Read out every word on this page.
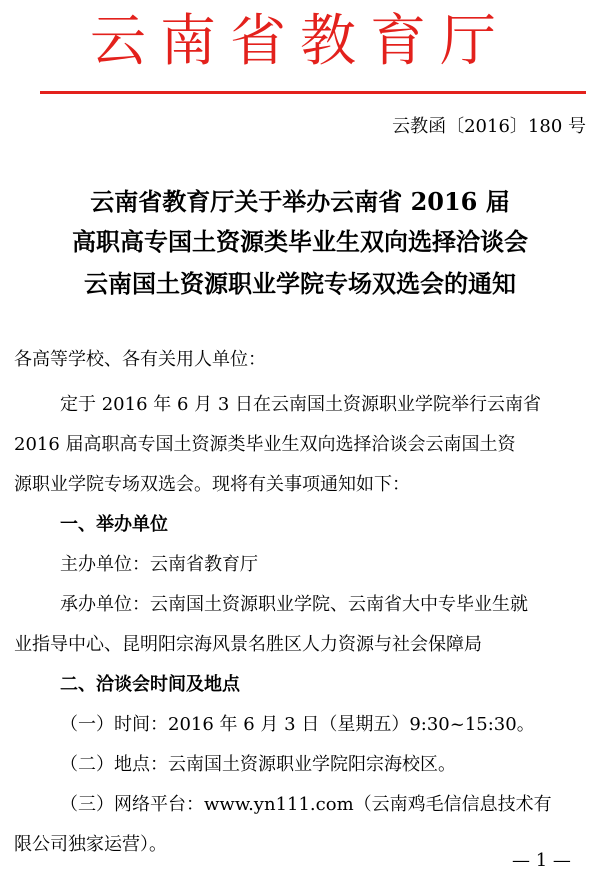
云南省教育厅
云教函〔2016〕180 号
云南省教育厅关于举办云南省 2016 届
高职高专国土资源类毕业生双向选择洽谈会
云南国土资源职业学院专场双选会的通知
各高等学校、各有关用人单位：
定于 2016 年 6 月 3 日在云南国土资源职业学院举行云南省
2016 届高职高专国土资源类毕业生双向选择洽谈会云南国土资
源职业学院专场双选会。现将有关事项通知如下：
一、举办单位
主办单位：云南省教育厅
承办单位：云南国土资源职业学院、云南省大中专毕业生就
业指导中心、昆明阳宗海风景名胜区人力资源与社会保障局
二、洽谈会时间及地点
（一）时间：2016 年 6 月 3 日（星期五）9:30~15:30。
（二）地点：云南国土资源职业学院阳宗海校区。
（三）网络平台：www.yn111.com（云南鸡毛信信息技术有
限公司独家运营）。
— 1 —
